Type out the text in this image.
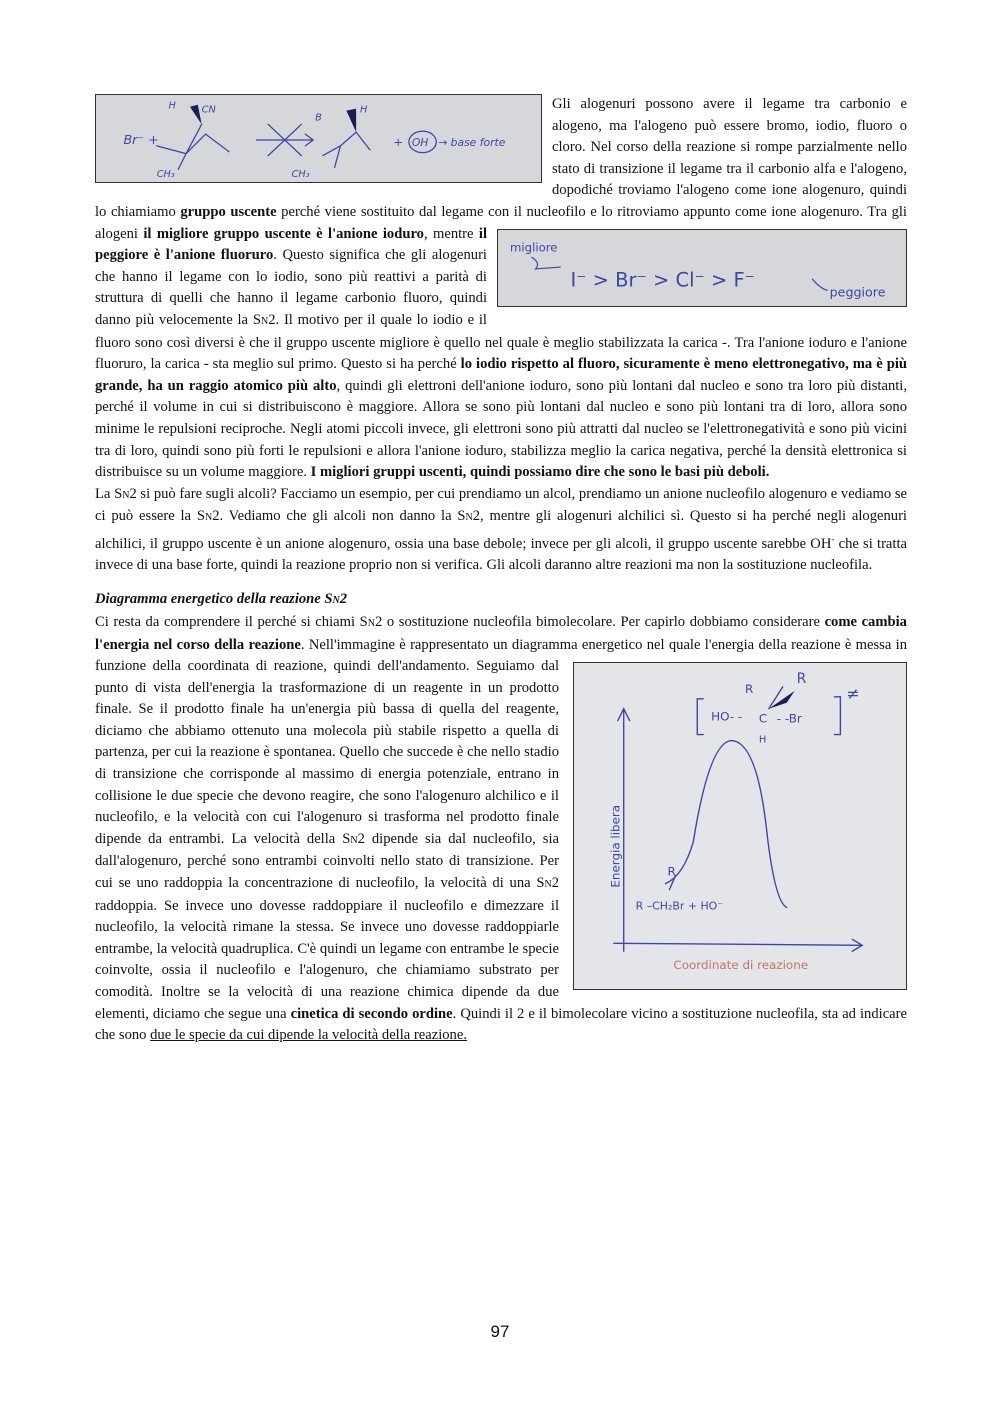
Br⁻ +
H	CN
CH₃
B
H
CH₃
+ OH → base forte

Gli alogenuri possono avere il legame tra carbonio e alogeno, ma l'alogeno può essere bromo, iodio, fluoro o cloro. Nel corso della reazione si rompe parzialmente nello stato di transizione il legame tra il carbonio alfa e l'alogeno, dopodiché troviamo l'alogeno come ione alogenuro, quindi lo chiamiamo gruppo uscente perché viene sostituito dal legame con il nucleofilo e lo ritroviamo appunto come ione alogenuro. Tra gli alogeni il migliore gruppo uscente è l'anione ioduro, mentre
migliore
I⁻ > Br⁻ > Cl⁻ > F⁻
peggiore
il peggiore è l'anione fluoruro. Questo significa che gli alogenuri che hanno il legame con lo iodio, sono più reattivi a parità di struttura di quelli che hanno il legame carbonio fluoro, quindi danno più velocemente la SN2. Il motivo per il quale lo iodio e il fluoro sono così diversi è che il gruppo uscente migliore è quello nel quale è meglio stabilizzata la carica -. Tra l'anione ioduro e l'anione fluoruro, la carica - sta meglio sul primo. Questo si ha perché lo iodio rispetto al fluoro, sicuramente è meno elettronegativo, ma è più grande, ha un raggio atomico più alto, quindi gli elettroni dell'anione ioduro, sono più lontani dal nucleo e sono tra loro più distanti, perché il volume in cui si distribuiscono è maggiore. Allora se sono più lontani dal nucleo e sono più lontani tra di loro, allora sono minime le repulsioni reciproche. Negli atomi piccoli invece, gli elettroni sono più attratti dal nucleo se l'elettronegatività e sono più vicini tra di loro, quindi sono più forti le repulsioni e allora l'anione ioduro, stabilizza meglio la carica negativa, perché la densità elettronica si distribuisce su un volume maggiore. I migliori gruppi uscenti, quindi possiamo dire che sono le basi più deboli.

La SN2 si può fare sugli alcoli? Facciamo un esempio, per cui prendiamo un alcol, prendiamo un anione nucleofilo alogenuro e vediamo se ci può essere la SN2. Vediamo che gli alcoli non danno la SN2, mentre gli alogenuri alchilici sì. Questo si ha perché negli alogenuri alchilici, il gruppo uscente è un anione alogenuro, ossia una base debole; invece per gli alcoli, il gruppo uscente sarebbe OH- che si tratta invece di una base forte, quindi la reazione proprio non si verifica. Gli alcoli daranno altre reazioni ma non la sostituzione nucleofila.

Diagramma energetico della reazione SN2

Ci resta da comprendere il perché si chiami SN2 o sostituzione nucleofila bimolecolare. Per capirlo dobbiamo considerare come cambia l'energia nel corso della reazione. Nell'immagine è rappresentato un diagramma energetico nel quale l'energia della reazione è messa in funzione della coordinata di reazione, quindi dell'andamento.
HO- - C - -Br
R
R
H
≠
R
R –CH₂Br + HO⁻
Energia libera
Coordinate di reazione
Seguiamo dal punto di vista dell'energia la trasformazione di un reagente in un prodotto finale. Se il prodotto finale ha un'energia più bassa di quella del reagente, diciamo che abbiamo ottenuto una molecola più stabile rispetto a quella di partenza, per cui la reazione è spontanea. Quello che succede è che nello stadio di transizione che corrisponde al massimo di energia potenziale, entrano in collisione le due specie che devono reagire, che sono l'alogenuro alchilico e il nucleofilo, e la velocità con cui l'alogenuro si trasforma nel prodotto finale dipende da entrambi. La velocità della SN2 dipende sia dal nucleofilo, sia dall'alogenuro, perché sono entrambi coinvolti nello stato di transizione. Per cui se uno raddoppia la concentrazione di nucleofilo, la velocità di una SN2 raddoppia. Se invece uno dovesse raddoppiare il nucleofilo e dimezzare il nucleofilo, la velocità rimane la stessa. Se invece uno dovesse raddoppiarle entrambe, la velocità quadruplica. C'è quindi un legame con entrambe le specie coinvolte, ossia il nucleofilo e l'alogenuro, che chiamiamo substrato per comodità. Inoltre se la velocità di una reazione chimica dipende da due elementi, diciamo che segue una cinetica di secondo ordine. Quindi il 2 e il bimolecolare vicino a sostituzione nucleofila, sta ad indicare che sono due le specie da cui dipende la velocità della reazione.

97
